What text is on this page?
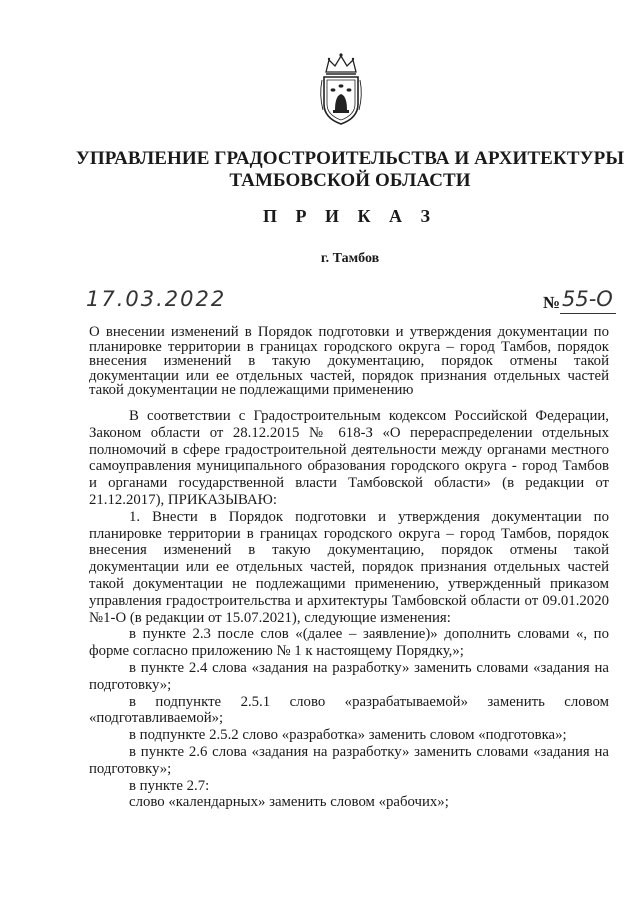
УПРАВЛЕНИЕ ГРАДОСТРОИТЕЛЬСТВА И АРХИТЕКТУРЫ
ТАМБОВСКОЙ ОБЛАСТИ
П Р И К А З
г. Тамбов
17.03.2022	№ 55-О

О внесении изменений в Порядок подготовки и утверждения документации по планировке территории в границах городского округа – город Тамбов, порядок внесения изменений в такую документацию, порядок отмены такой документации или ее отдельных частей, порядок признания отдельных частей такой документации не подлежащими применению

В соответствии с Градостроительным кодексом Российской Федерации, Законом области от 28.12.2015 № 618-З «О перераспределении отдельных полномочий в сфере градостроительной деятельности между органами местного самоуправления муниципального образования городского округа - город Тамбов и органами государственной власти Тамбовской области» (в редакции от 21.12.2017), ПРИКАЗЫВАЮ:

1. Внести в Порядок подготовки и утверждения документации по планировке территории в границах городского округа – город Тамбов, порядок внесения изменений в такую документацию, порядок отмены такой документации или ее отдельных частей, порядок признания отдельных частей такой документации не подлежащими применению, утвержденный приказом управления градостроительства и архитектуры Тамбовской области от 09.01.2020 №1-О (в редакции от 15.07.2021), следующие изменения:

в пункте 2.3 после слов «(далее – заявление)» дополнить словами «, по форме согласно приложению № 1 к настоящему Порядку,»;

в пункте 2.4 слова «задания на разработку» заменить словами «задания на подготовку»;

в подпункте 2.5.1 слово «разрабатываемой» заменить словом «подготавливаемой»;

в подпункте 2.5.2 слово «разработка» заменить словом «подготовка»;

в пункте 2.6 слова «задания на разработку» заменить словами «задания на подготовку»;

в пункте 2.7:

слово «календарных» заменить словом «рабочих»;
